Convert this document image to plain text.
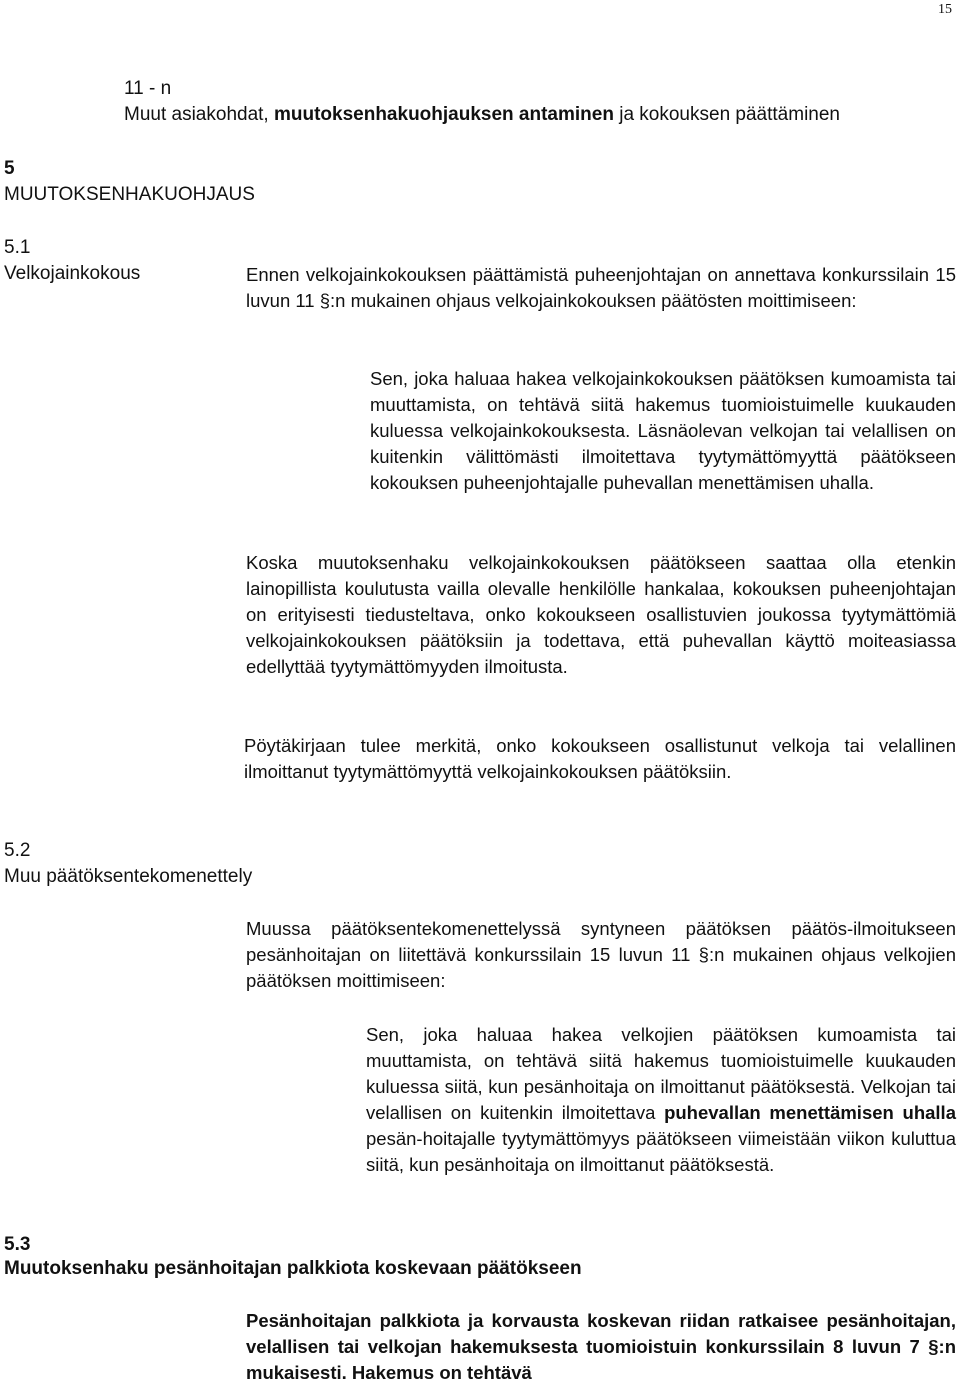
15
11 - n
Muut asiakohdat, muutoksenhakuohjauksen antaminen ja kokouksen päättäminen
5
MUUTOKSENHAKUOHJAUS
5.1
Velkojainkokous	Ennen velkojainkokouksen päättämistä puheenjohtajan on annettava konkurssilain 15 luvun 11 §:n mukainen ohjaus velkojainkokouksen päätösten moittimiseen:

Sen, joka haluaa hakea velkojainkokouksen päätöksen kumoamista tai muuttamista, on tehtävä siitä hakemus tuomioistuimelle kuukauden kuluessa velkojainkokouksesta. Läsnäolevan velkojan tai velallisen on kuitenkin välittömästi ilmoitettava tyytymättömyyttä päätökseen kokouksen puheenjohtajalle puhevallan menettämisen uhalla.

Koska muutoksenhaku velkojainkokouksen päätökseen saattaa olla etenkin lainopillista koulutusta vailla olevalle henkilölle hankalaa, kokouksen puheenjohtajan on erityisesti tiedusteltava, onko kokoukseen osallistuvien joukossa tyytymättömiä velkojainkokouksen päätöksiin ja todettava, että puhevallan käyttö moiteasiassa edellyttää tyytymättömyyden ilmoitusta.

Pöytäkirjaan tulee merkitä, onko kokoukseen osallistunut velkoja tai velallinen ilmoittanut tyytymättömyyttä velkojainkokouksen päätöksiin.

5.2
Muu päätöksentekomenettely

Muussa päätöksentekomenettelyssä syntyneen päätöksen päätös-ilmoitukseen pesänhoitajan on liitettävä konkurssilain 15 luvun 11 §:n mukainen ohjaus velkojien päätöksen moittimiseen:

Sen, joka haluaa hakea velkojien päätöksen kumoamista tai muuttamista, on tehtävä siitä hakemus tuomioistuimelle kuukauden kuluessa siitä, kun pesänhoitaja on ilmoittanut päätöksestä. Velkojan tai velallisen on kuitenkin ilmoitettava puhevallan menettämisen uhalla pesän-hoitajalle tyytymättömyys päätökseen viimeistään viikon kuluttua siitä, kun pesänhoitaja on ilmoittanut päätöksestä.

5.3
Muutoksenhaku pesänhoitajan palkkiota koskevaan päätökseen

Pesänhoitajan palkkiota ja korvausta koskevan riidan ratkaisee pesänhoitajan, velallisen tai velkojan hakemuksesta tuomioistuin konkurssilain 8 luvun 7 §:n mukaisesti. Hakemus on tehtävä
